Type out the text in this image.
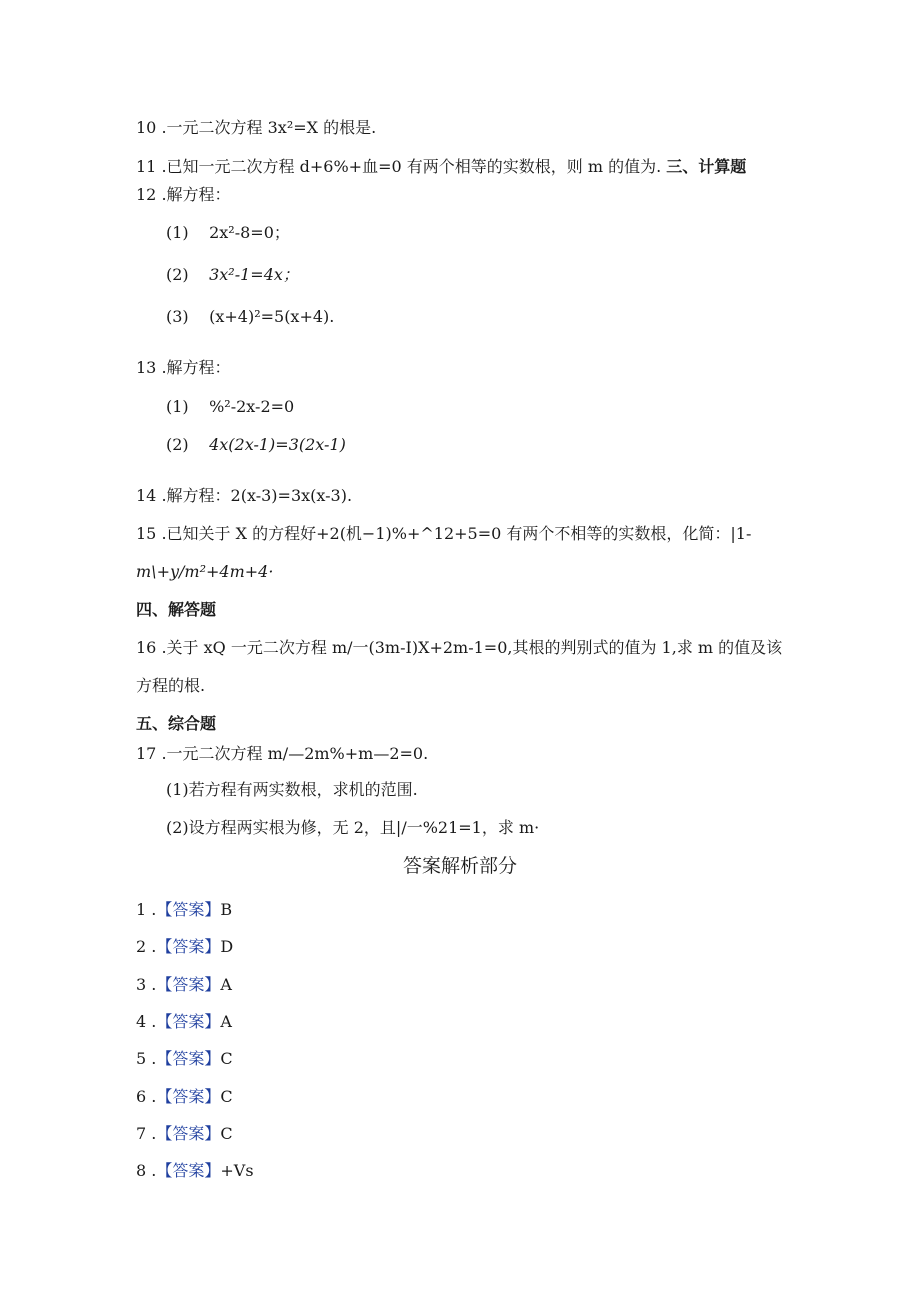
10 .一元二次方程 3x²=X 的根是.
11 .已知一元二次方程 d+6%+血=0 有两个相等的实数根，则 m 的值为. 三、计算题
12 .解方程：
(1) 2x²-8=0；
(2) 3x²-1=4x；
(3) (x+4)²=5(x+4).
13 .解方程：
(1) %²-2x-2=0
(2) 4x(2x-1)=3(2x-1)
14 .解方程：2(x-3)=3x(x-3).
15 .已知关于 X 的方程好+2(机−1)%+^12+5=0 有两个不相等的实数根，化简：|1-
m\+y/m²+4m+4·
四、解答题
16 .关于 xQ 一元二次方程 m/一(3m-I)X+2m-1=0,其根的判别式的值为 1,求 m 的值及该
方程的根.
五、综合题
17 .一元二次方程 m/—2m%+m—2=0.
(1)若方程有两实数根，求机的范围.
(2)设方程两实根为修，无 2，且|/一%21=1，求 m·
答案解析部分
1 .【答案】B
2 .【答案】D
3 .【答案】A
4 .【答案】A
5 .【答案】C
6 .【答案】C
7 .【答案】C
8 .【答案】+Vs
